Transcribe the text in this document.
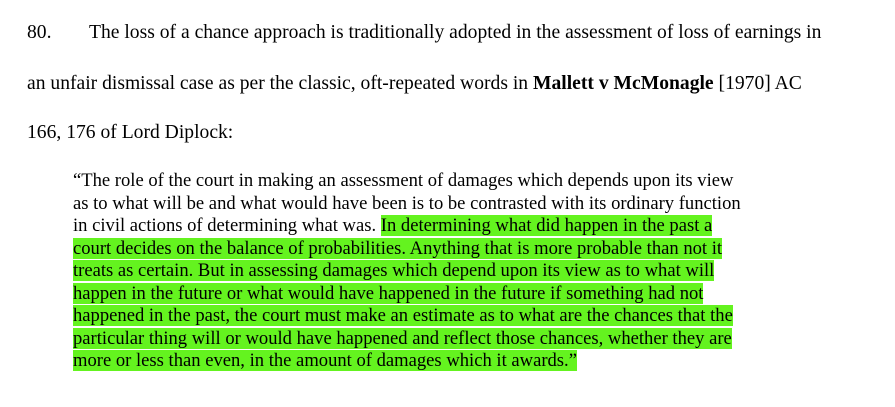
80. The loss of a chance approach is traditionally adopted in the assessment of loss of earnings in
an unfair dismissal case as per the classic, oft-repeated words in Mallett v McMonagle [1970] AC
166, 176 of Lord Diplock:
“The role of the court in making an assessment of damages which depends upon its view
as to what will be and what would have been is to be contrasted with its ordinary function
in civil actions of determining what was. In determining what did happen in the past a
court decides on the balance of probabilities. Anything that is more probable than not it
treats as certain. But in assessing damages which depend upon its view as to what will
happen in the future or what would have happened in the future if something had not
happened in the past, the court must make an estimate as to what are the chances that the
particular thing will or would have happened and reflect those chances, whether they are
more or less than even, in the amount of damages which it awards.”
